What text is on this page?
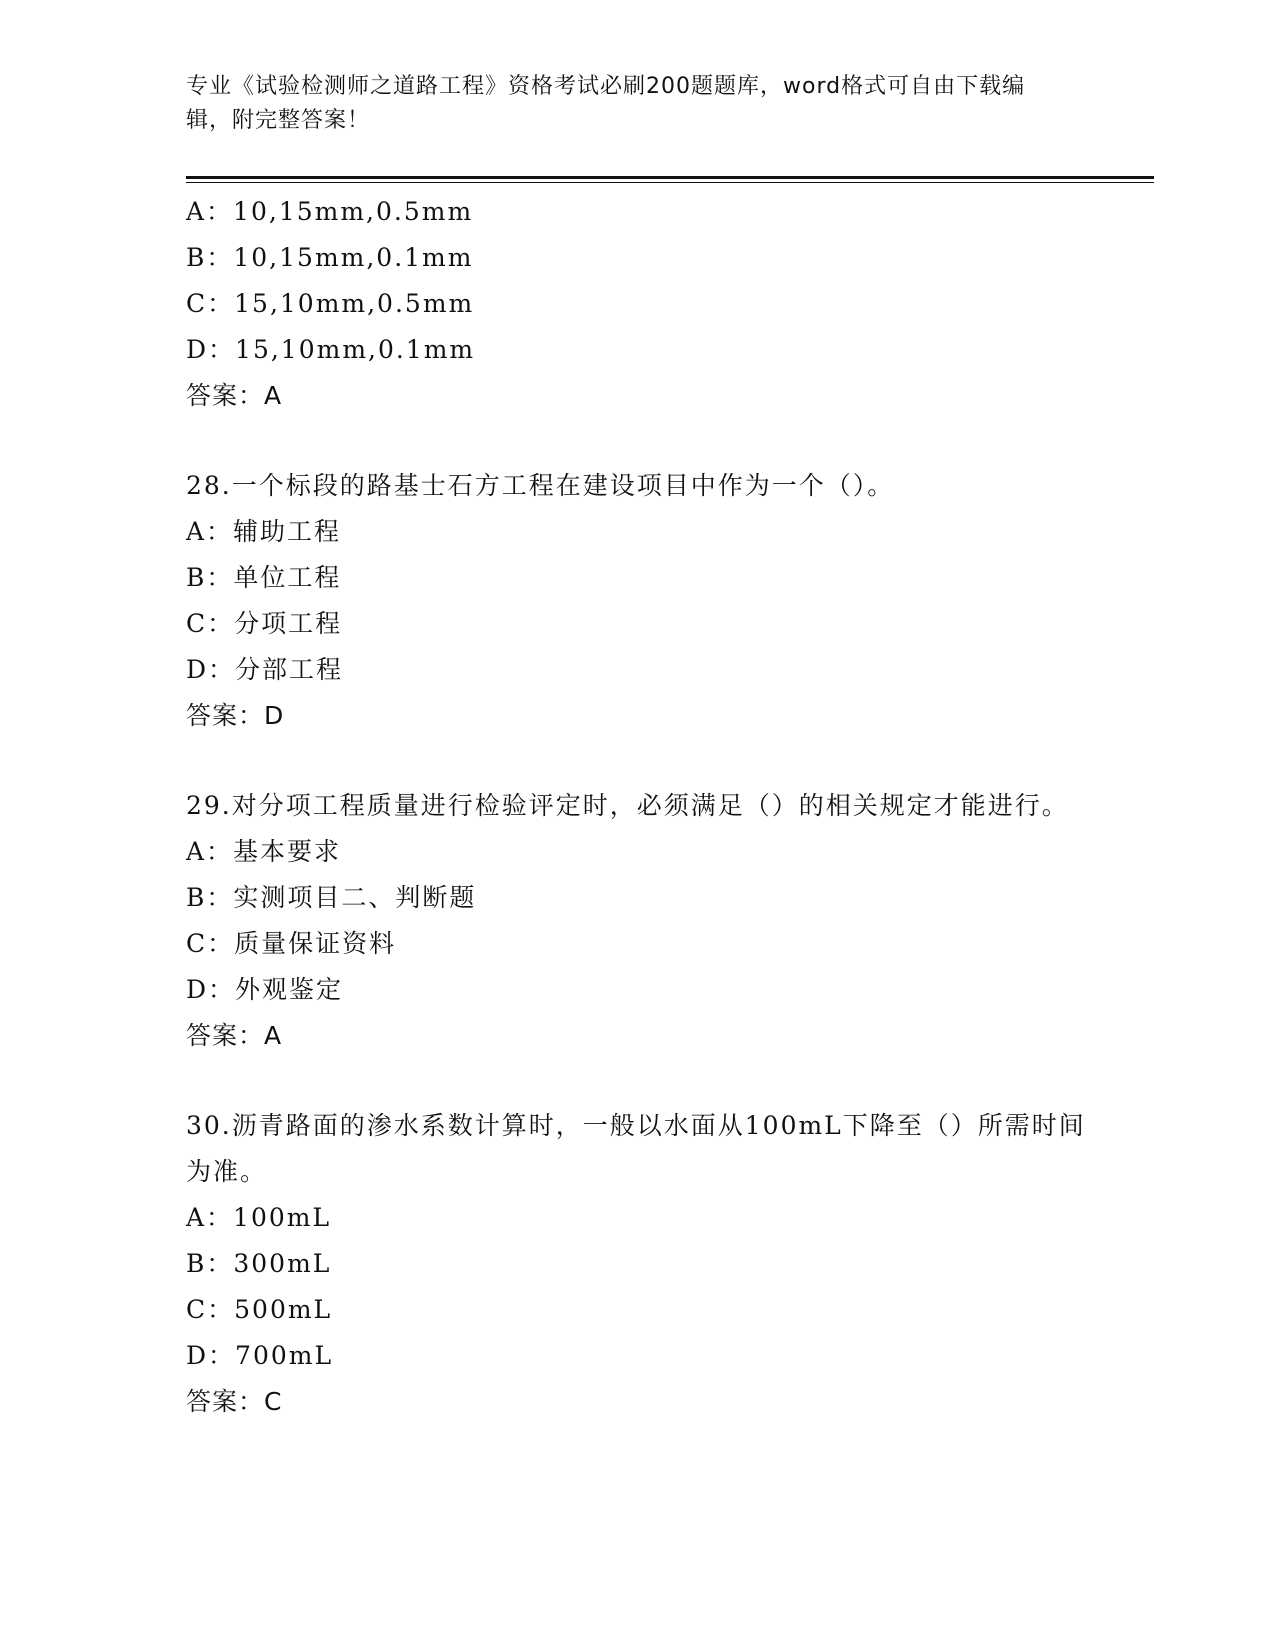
专业《试验检测师之道路工程》资格考试必刷200题题库，word格式可自由下载编辑，附完整答案！
A：10,15mm,0.5mm
B：10,15mm,0.1mm
C：15,10mm,0.5mm
D：15,10mm,0.1mm
答案：A
28.一个标段的路基士石方工程在建设项目中作为一个（）。
A：辅助工程
B：单位工程
C：分项工程
D：分部工程
答案：D
29.对分项工程质量进行检验评定时，必须满足（）的相关规定才能进行。
A：基本要求
B：实测项目二、判断题
C：质量保证资料
D：外观鉴定
答案：A
30.沥青路面的渗水系数计算时，一般以水面从100mL下降至（）所需时间为准。
A：100mL
B：300mL
C：500mL
D：700mL
答案：C
